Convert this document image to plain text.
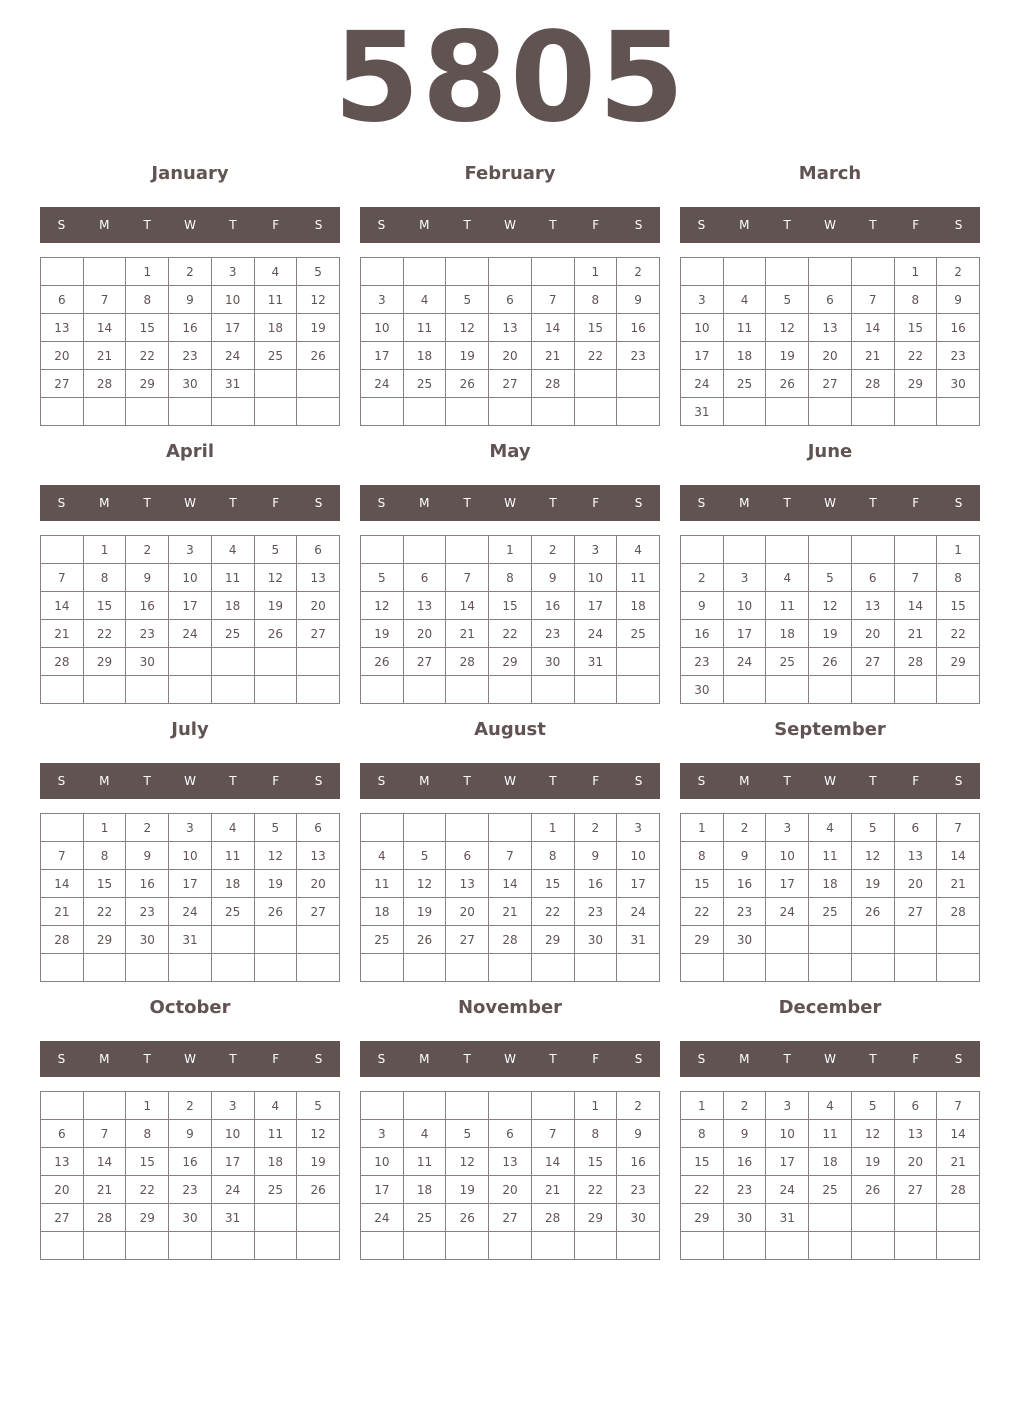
5805
January
S	M	T	W	T	F	S
		1	2	3	4	5
6	7	8	9	10	11	12
13	14	15	16	17	18	19
20	21	22	23	24	25	26
27	28	29	30	31		

February
S	M	T	W	T	F	S
					1	2
3	4	5	6	7	8	9
10	11	12	13	14	15	16
17	18	19	20	21	22	23
24	25	26	27	28		

March
S	M	T	W	T	F	S
					1	2
3	4	5	6	7	8	9
10	11	12	13	14	15	16
17	18	19	20	21	22	23
24	25	26	27	28	29	30
31						
April
S	M	T	W	T	F	S
	1	2	3	4	5	6
7	8	9	10	11	12	13
14	15	16	17	18	19	20
21	22	23	24	25	26	27
28	29	30				

May
S	M	T	W	T	F	S
			1	2	3	4
5	6	7	8	9	10	11
12	13	14	15	16	17	18
19	20	21	22	23	24	25
26	27	28	29	30	31	

June
S	M	T	W	T	F	S
						1
2	3	4	5	6	7	8
9	10	11	12	13	14	15
16	17	18	19	20	21	22
23	24	25	26	27	28	29
30						
July
S	M	T	W	T	F	S
	1	2	3	4	5	6
7	8	9	10	11	12	13
14	15	16	17	18	19	20
21	22	23	24	25	26	27
28	29	30	31			

August
S	M	T	W	T	F	S
				1	2	3
4	5	6	7	8	9	10
11	12	13	14	15	16	17
18	19	20	21	22	23	24
25	26	27	28	29	30	31

September
S	M	T	W	T	F	S
1	2	3	4	5	6	7
8	9	10	11	12	13	14
15	16	17	18	19	20	21
22	23	24	25	26	27	28
29	30					

October
S	M	T	W	T	F	S
		1	2	3	4	5
6	7	8	9	10	11	12
13	14	15	16	17	18	19
20	21	22	23	24	25	26
27	28	29	30	31		

November
S	M	T	W	T	F	S
					1	2
3	4	5	6	7	8	9
10	11	12	13	14	15	16
17	18	19	20	21	22	23
24	25	26	27	28	29	30

December
S	M	T	W	T	F	S
1	2	3	4	5	6	7
8	9	10	11	12	13	14
15	16	17	18	19	20	21
22	23	24	25	26	27	28
29	30	31				
